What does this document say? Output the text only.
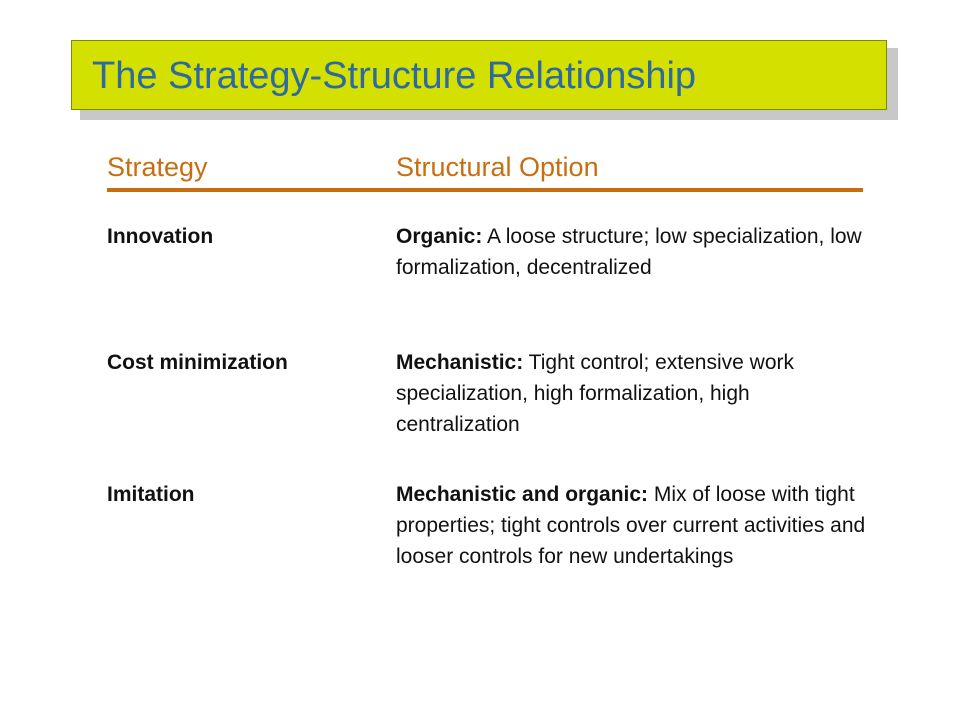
The Strategy-Structure Relationship
Strategy	Structural Option
Innovation	Organic: A loose structure; low specialization, low formalization, decentralized
Cost minimization	Mechanistic: Tight control; extensive work specialization, high formalization, high centralization
Imitation	Mechanistic and organic: Mix of loose with tight properties; tight controls over current activities and looser controls for new undertakings
